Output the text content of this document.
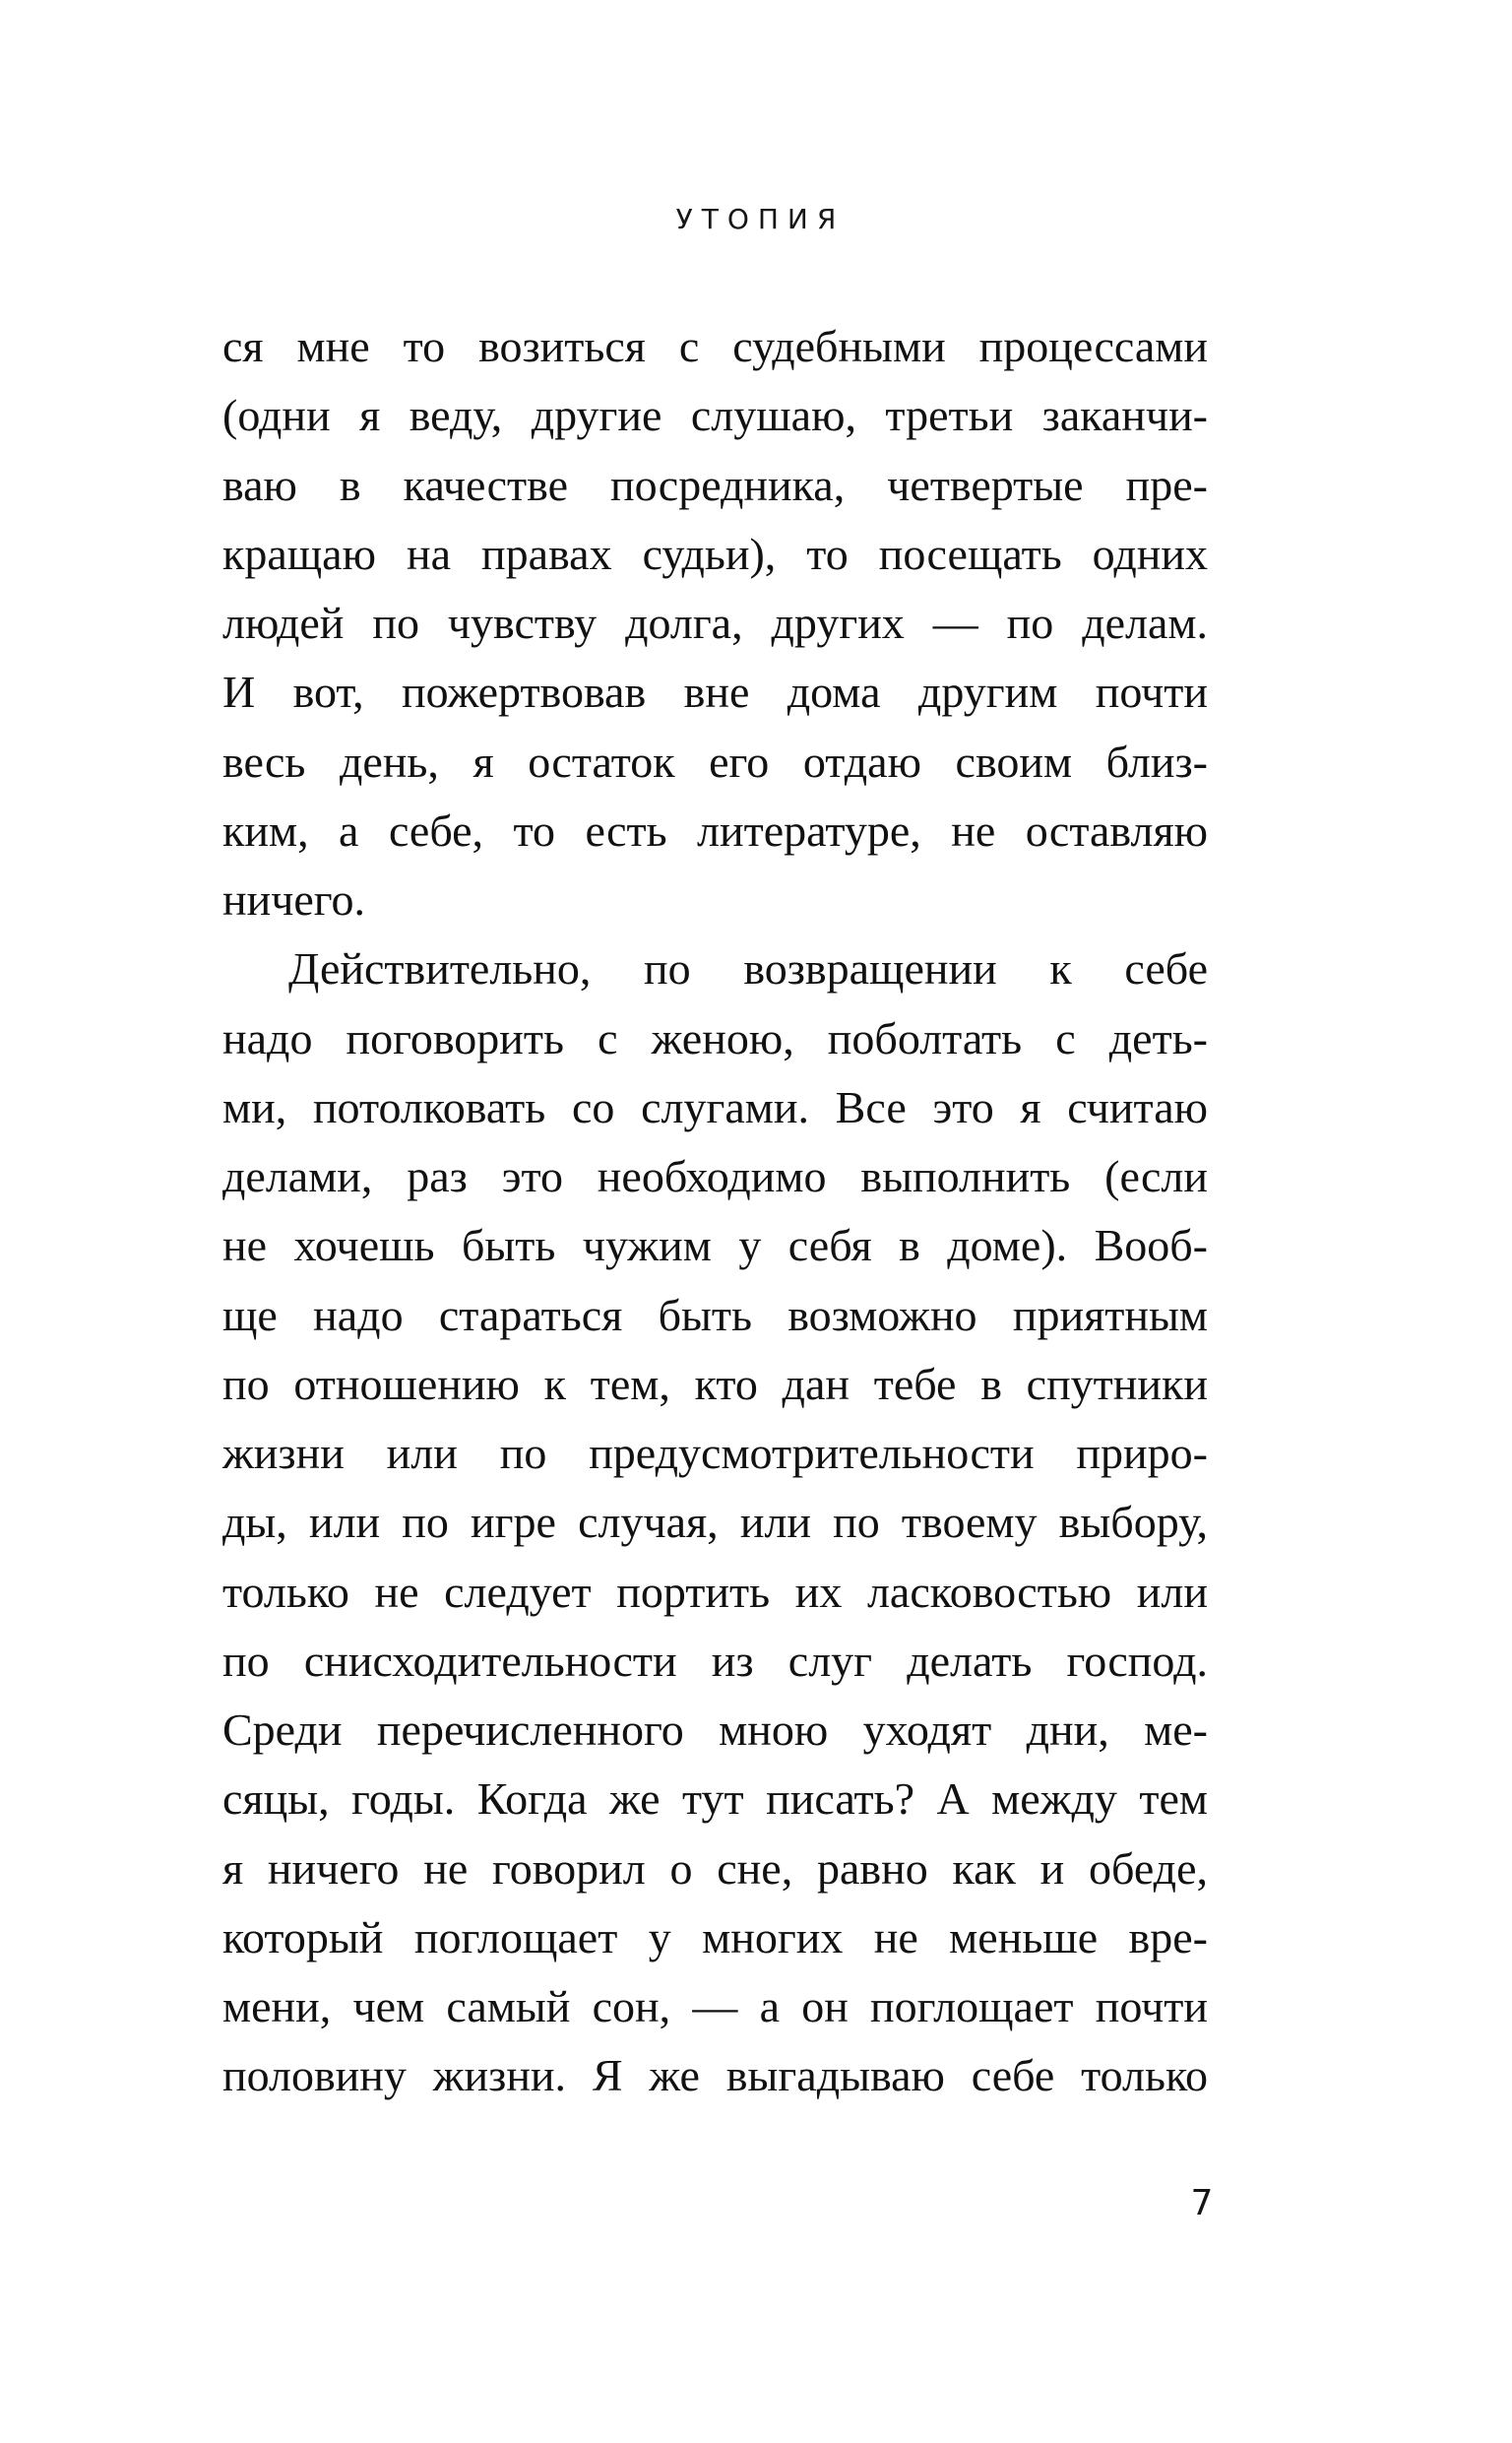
УТОПИЯ
ся мне то возиться с судебными процессами
(одни я веду, другие слушаю, третьи заканчи-
ваю в качестве посредника, четвертые пре-
кращаю на правах судьи), то посещать одних
людей по чувству долга, других — по делам.
И вот, пожертвовав вне дома другим почти
весь день, я остаток его отдаю своим близ-
ким, а себе, то есть литературе, не оставляю
ничего.
Действительно, по возвращении к себе
надо поговорить с женою, поболтать с деть-
ми, потолковать со слугами. Все это я считаю
делами, раз это необходимо выполнить (если
не хочешь быть чужим у себя в доме). Вооб-
ще надо стараться быть возможно приятным
по отношению к тем, кто дан тебе в спутники
жизни или по предусмотрительности приро-
ды, или по игре случая, или по твоему выбору,
только не следует портить их ласковостью или
по снисходительности из слуг делать господ.
Среди перечисленного мною уходят дни, ме-
сяцы, годы. Когда же тут писать? А между тем
я ничего не говорил о сне, равно как и обеде,
который поглощает у многих не меньше вре-
мени, чем самый сон, — а он поглощает почти
половину жизни. Я же выгадываю себе только
7
